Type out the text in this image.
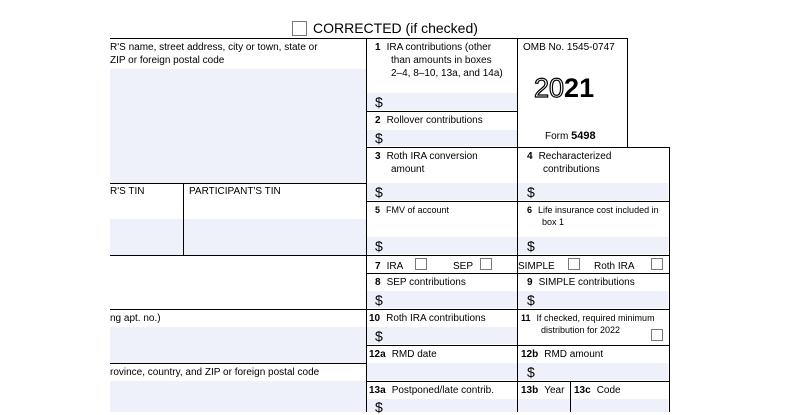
CORRECTED (if checked)
R'S name, street address, city or town, state or
ZIP or foreign postal code
R'S TIN	PARTICIPANT'S TIN
ng apt. no.)
rovince, country, and ZIP or foreign postal code
OMB No. 1545-0747
2021
Form 5498
1 IRA contributions (other
than amounts in boxes
2–4, 8–10, 13a, and 14a)
$
2 Rollover contributions
$
3 Roth IRA conversion
amount
$
4 Recharacterized
contributions
$
5 FMV of account
$
6 Life insurance cost included in
box 1
$
7 IRA	SEP	SIMPLE	Roth IRA
8 SEP contributions
$
9 SIMPLE contributions
$
10 Roth IRA contributions
$
11 If checked, required minimum
distribution for 2022
12a RMD date	12b RMD amount
$
13a Postponed/late contrib.
$
13b Year 13c Code
